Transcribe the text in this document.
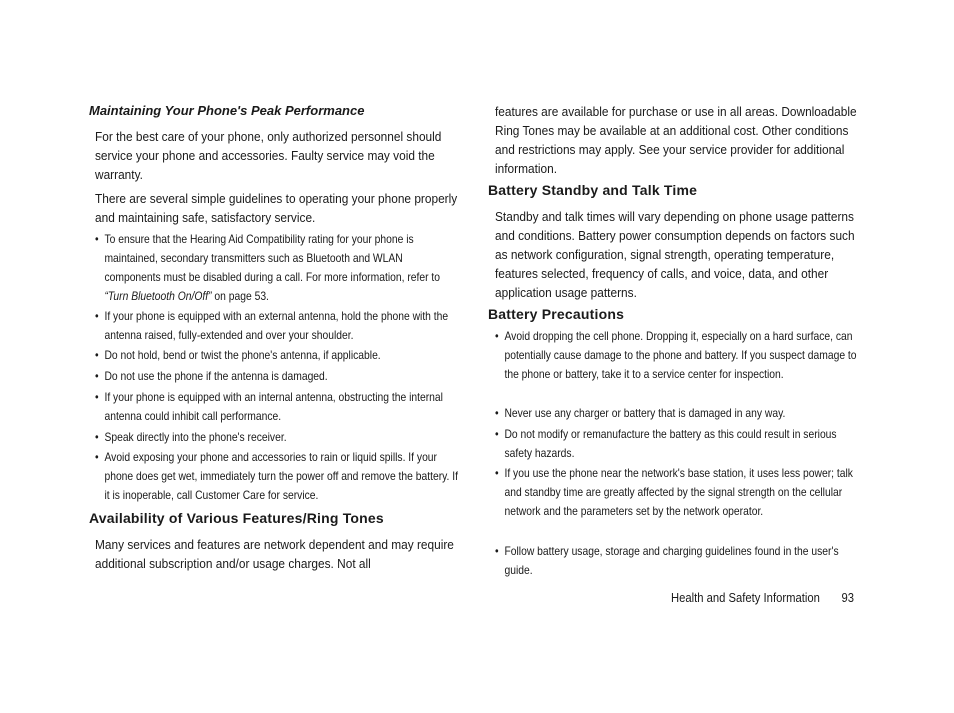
Maintaining Your Phone's Peak Performance

For the best care of your phone, only authorized personnel should service your phone and accessories. Faulty service may void the warranty.

There are several simple guidelines to operating your phone properly and maintaining safe, satisfactory service.

• To ensure that the Hearing Aid Compatibility rating for your phone is maintained, secondary transmitters such as Bluetooth and WLAN components must be disabled during a call. For more information, refer to “Turn Bluetooth On/Off” on page 53.
• If your phone is equipped with an external antenna, hold the phone with the antenna raised, fully-extended and over your shoulder.
• Do not hold, bend or twist the phone's antenna, if applicable.
• Do not use the phone if the antenna is damaged.
• If your phone is equipped with an internal antenna, obstructing the internal antenna could inhibit call performance.
• Speak directly into the phone's receiver.
• Avoid exposing your phone and accessories to rain or liquid spills. If your phone does get wet, immediately turn the power off and remove the battery. If it is inoperable, call Customer Care for service.
Availability of Various Features/Ring Tones

Many services and features are network dependent and may require additional subscription and/or usage charges. Not all

features are available for purchase or use in all areas. Downloadable Ring Tones may be available at an additional cost. Other conditions and restrictions may apply. See your service provider for additional information.

Battery Standby and Talk Time

Standby and talk times will vary depending on phone usage patterns and conditions. Battery power consumption depends on factors such as network configuration, signal strength, operating temperature, features selected, frequency of calls, and voice, data, and other application usage patterns.

Battery Precautions
• Avoid dropping the cell phone. Dropping it, especially on a hard surface, can potentially cause damage to the phone and battery. If you suspect damage to the phone or battery, take it to a service center for inspection.
• Never use any charger or battery that is damaged in any way.
• Do not modify or remanufacture the battery as this could result in serious safety hazards.
• If you use the phone near the network's base station, it uses less power; talk and standby time are greatly affected by the signal strength on the cellular network and the parameters set by the network operator.
• Follow battery usage, storage and charging guidelines found in the user's guide.
Health and Safety Information 93
